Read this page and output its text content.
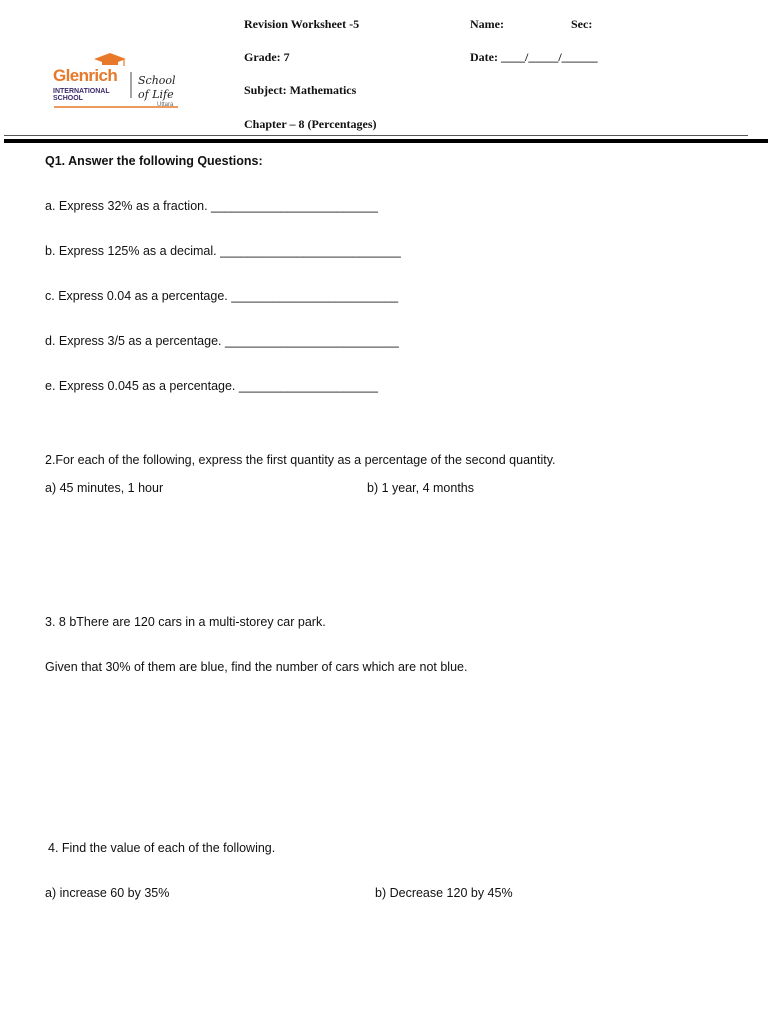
Glenrich
INTERNATIONAL
SCHOOL
School
of Life
Uttara
Revision Worksheet -5
Grade: 7
Subject: Mathematics
Chapter – 8 (Percentages)
Name:	Sec:
Date: ____/_____/______
Q1. Answer the following Questions:
a. Express 32% as a fraction. ________________________
b. Express 125% as a decimal. __________________________
c. Express 0.04 as a percentage. ________________________
d. Express 3/5 as a percentage. _________________________
e. Express 0.045 as a percentage. ____________________
2.For each of the following, express the first quantity as a percentage of the second quantity.
a) 45 minutes, 1 hour	b) 1 year, 4 months
3. 8 bThere are 120 cars in a multi-storey car park.
Given that 30% of them are blue, find the number of cars which are not blue.
4. Find the value of each of the following.
a) increase 60 by 35%	b) Decrease 120 by 45%
